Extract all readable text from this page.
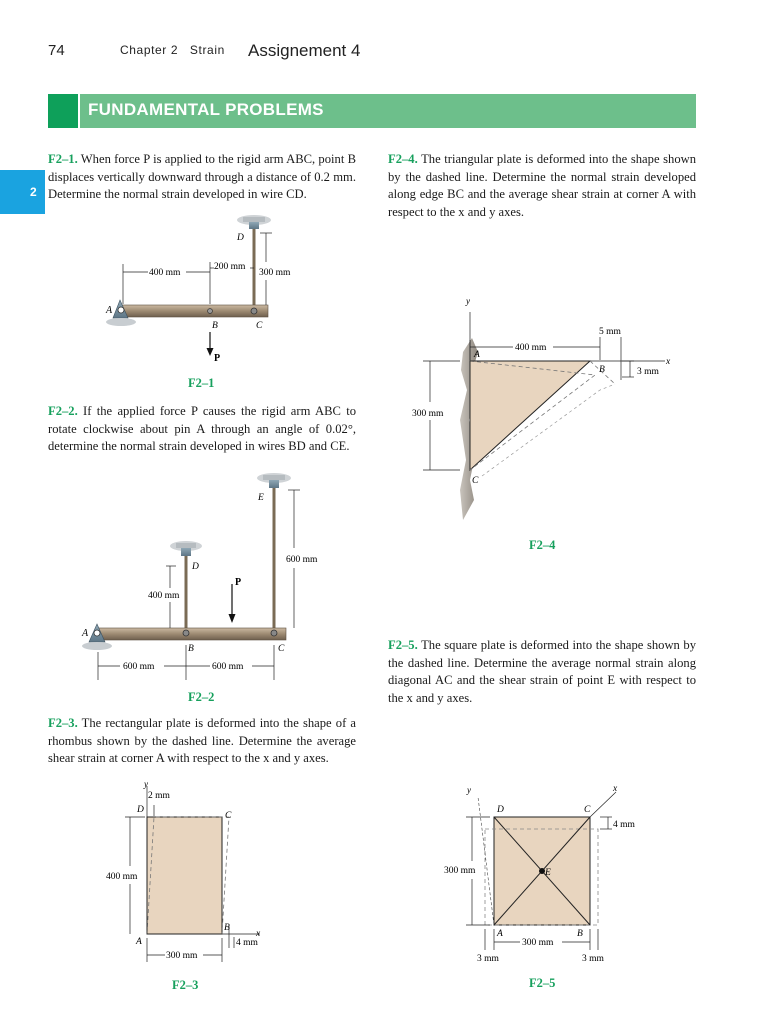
74	Chapter 2 Strain Assignement 4
FUNDAMENTAL PROBLEMS
2
F2–1. When force P is applied to the rigid arm ABC, point B displaces vertically downward through a distance of 0.2 mm. Determine the normal strain developed in wire CD.
F2–2. If the applied force P causes the rigid arm ABC to rotate clockwise about pin A through an angle of 0.02°, determine the normal strain developed in wires BD and CE.
F2–3. The rectangular plate is deformed into the shape of a rhombus shown by the dashed line. Determine the average shear strain at corner A with respect to the x and y axes.
F2–4. The triangular plate is deformed into the shape shown by the dashed line. Determine the normal strain developed along edge BC and the average shear strain at corner A with respect to the x and y axes.
F2–5. The square plate is deformed into the shape shown by the dashed line. Determine the average normal strain along diagonal AC and the shear strain of point E with respect to the x and y axes.
F2–1
F2–2
F2–3
F2–4
F2–5
400 mm
200 mm
300 mm
A
B	C
D
P
600 mm	600 mm
400 mm
600 mm
A
B	C
D
E
P
2 mm
400 mm
300 mm
4 mm
A
B
C
D
x
y
400 mm
300 mm
5 mm
3 mm
A
B
C
x
y
300 mm
300 mm
4 mm
3 mm	3 mm
A	B
C
D
E
x
y
